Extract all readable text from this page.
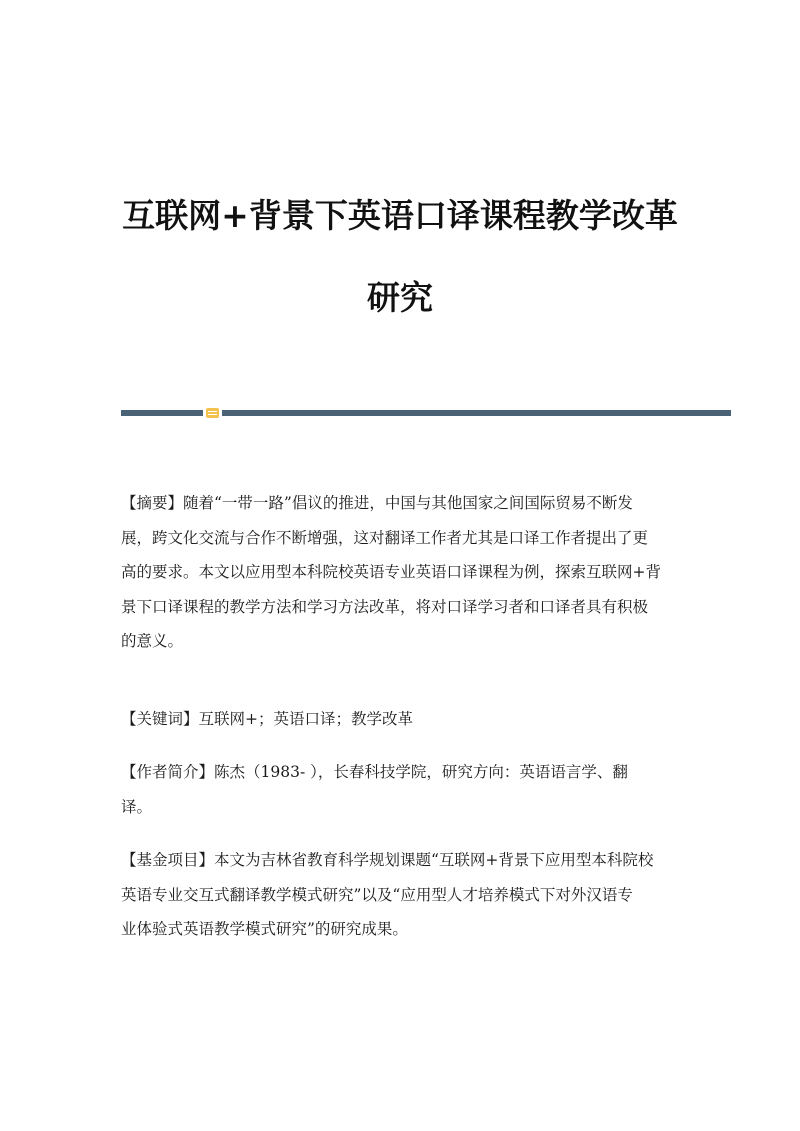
互联网+背景下英语口译课程教学改革
研究
【摘要】随着“一带一路”倡议的推进，中国与其他国家之间国际贸易不断发
展，跨文化交流与合作不断增强，这对翻译工作者尤其是口译工作者提出了更
高的要求。本文以应用型本科院校英语专业英语口译课程为例，探索互联网+背
景下口译课程的教学方法和学习方法改革，将对口译学习者和口译者具有积极
的意义。
【关键词】互联网+；英语口译；教学改革
【作者简介】陈杰（1983- ），长春科技学院，研究方向：英语语言学、翻
译。
【基金项目】本文为吉林省教育科学规划课题“互联网+背景下应用型本科院校
英语专业交互式翻译教学模式研究”以及“应用型人才培养模式下对外汉语专
业体验式英语教学模式研究”的研究成果。
